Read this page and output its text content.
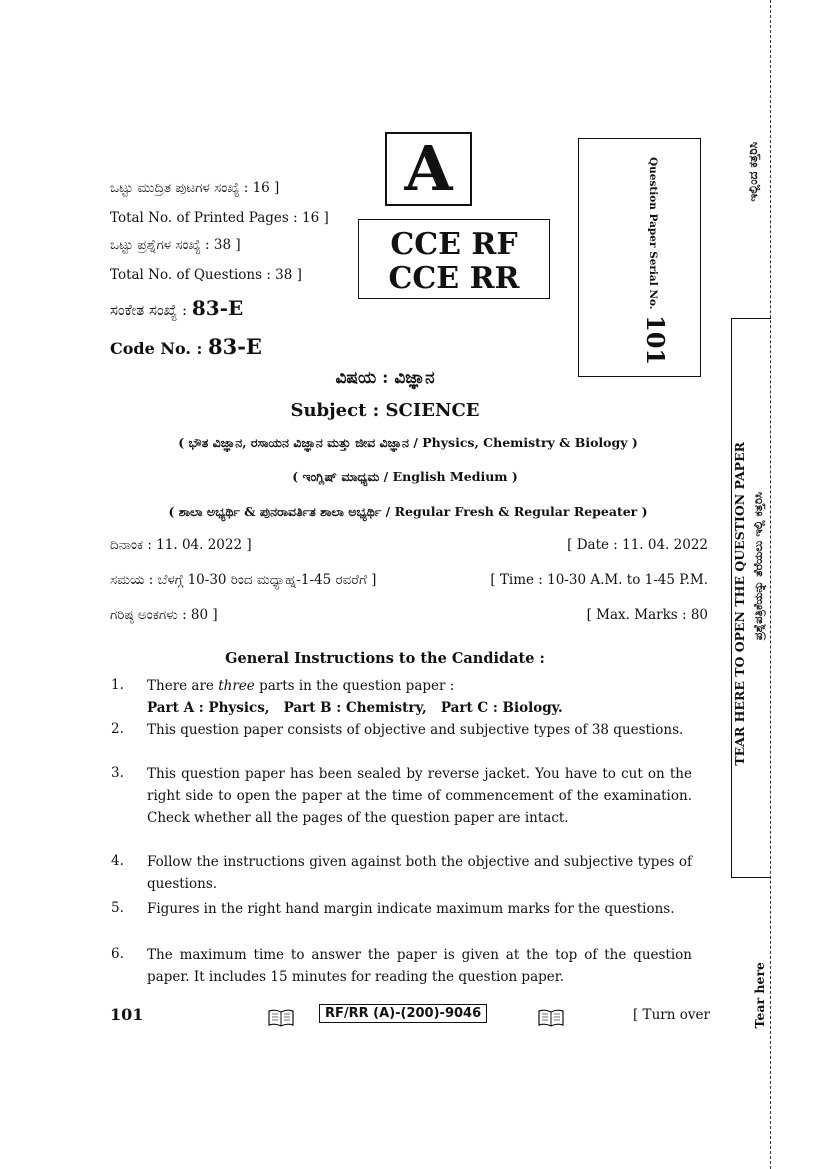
ಒಟ್ಟು ಮುದ್ರಿತ ಪುಟಗಳ ಸಂಖ್ಯೆ : 16 ]
Total No. of Printed Pages : 16 ]
ಒಟ್ಟು ಪ್ರಶ್ನೆಗಳ ಸಂಖ್ಯೆ : 38 ]
Total No. of Questions : 38 ]
ಸಂಕೇತ ಸಂಖ್ಯೆ : 83-E
Code No. : 83-E
A
CCE RF
CCE RR	Question Paper Serial No.
101
ವಿಷಯ : ವಿಜ್ಞಾನ
Subject : SCIENCE
( ಭೌತ ವಿಜ್ಞಾನ, ರಸಾಯನ ವಿಜ್ಞಾನ ಮತ್ತು ಜೀವ ವಿಜ್ಞಾನ / Physics, Chemistry & Biology )
( ಇಂಗ್ಲಿಷ್ ಮಾಧ್ಯಮ / English Medium )
( ಶಾಲಾ ಅಭ್ಯರ್ಥಿ & ಪುನರಾವರ್ತಿತ ಶಾಲಾ ಅಭ್ಯರ್ಥಿ / Regular Fresh & Regular Repeater )
ದಿನಾಂಕ : 11. 04. 2022 ]	[ Date : 11. 04. 2022
ಸಮಯ : ಬೆಳಗ್ಗೆ 10-30 ರಿಂದ ಮಧ್ಯಾಹ್ನ-1-45 ರವರೆಗೆ ]	[ Time : 10-30 A.M. to 1-45 P.M.
ಗರಿಷ್ಠ ಅಂಕಗಳು : 80 ]	[ Max. Marks : 80
General Instructions to the Candidate :
1. There are three parts in the question paper :
Part A : Physics,   Part B : Chemistry,   Part C : Biology.
2. This question paper consists of objective and subjective types of 38 questions.
3. This question paper has been sealed by reverse jacket. You have to cut on the right side to open the paper at the time of commencement of the examination. Check whether all the pages of the question paper are intact.
4. Follow the instructions given against both the objective and subjective types of questions.
5. Figures in the right hand margin indicate maximum marks for the questions.
6. The maximum time to answer the paper is given at the top of the question paper. It includes 15 minutes for reading the question paper.
101	RF/RR (A)-(200)-9046	[ Turn over
ಇಲ್ಲಿಂದ ಕತ್ತರಿಸಿ
TEAR HERE TO OPEN THE QUESTION PAPER ಪ್ರಶ್ನೆಪತ್ರಿಕೆಯನ್ನು ತೆರೆಯಲು ಇಲ್ಲಿ ಕತ್ತರಿಸಿ
Tear here
